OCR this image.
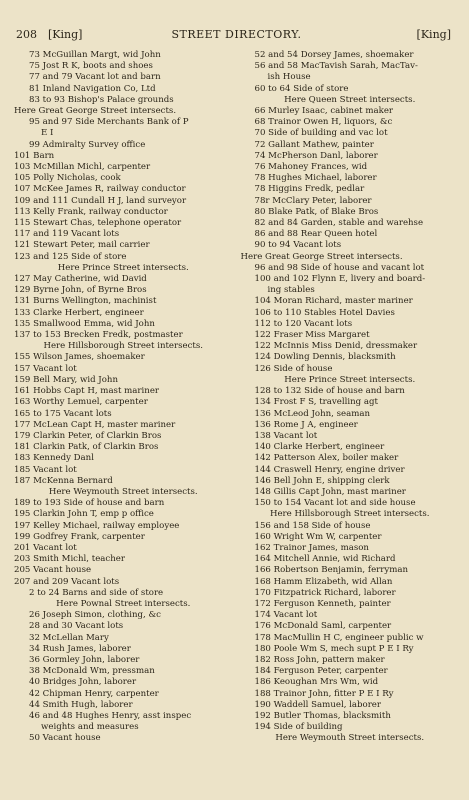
208 [King]	STREET DIRECTORY.	[King]
73 McGuillan Margt, wid John
75 Jost R K, boots and shoes
77 and 79 Vacant lot and barn
81 Inland Navigation Co, Ltd
83 to 93 Bishop's Palace grounds
Here Great George Street intersects.
95 and 97 Side Merchants Bank of P
E I
99 Admiralty Survey office
101 Barn
103 McMillan Michl, carpenter
105 Polly Nicholas, cook
107 McKee James R, railway conductor
109 and 111 Cundall H J, land surveyor
113 Kelly Frank, railway conductor
115 Stewart Chas, telephone operator
117 and 119 Vacant lots
121 Stewart Peter, mail carrier
123 and 125 Side of store
Here Prince Street intersects.
127 May Catherine, wid David
129 Byrne John, of Byrne Bros
131 Burns Wellington, machinist
133 Clarke Herbert, engineer
135 Smallwood Emma, wid John
137 to 153 Brecken Fredk, postmaster
Here Hillsborough Street intersects.
155 Wilson James, shoemaker
157 Vacant lot
159 Bell Mary, wid John
161 Hobbs Capt H, mast mariner
163 Worthy Lemuel, carpenter
165 to 175 Vacant lots
177 McLean Capt H, master mariner
179 Clarkin Peter, of Clarkin Bros
181 Clarkin Patk, of Clarkin Bros
183 Kennedy Danl
185 Vacant lot
187 McKenna Bernard
Here Weymouth Street intersects.
189 to 193 Side of house and barn
195 Clarkin John T, emp p office
197 Kelley Michael, railway employee
199 Godfrey Frank, carpenter
201 Vacant lot
203 Smith Michl, teacher
205 Vacant house
207 and 209 Vacant lots
2 to 24 Barns and side of store
Here Pownal Street intersects.
26 Joseph Simon, clothing, &c
28 and 30 Vacant lots
32 McLellan Mary
34 Rush James, laborer
36 Gormley John, laborer
38 McDonald Wm, pressman
40 Bridges John, laborer
42 Chipman Henry, carpenter
44 Smith Hugh, laborer
46 and 48 Hughes Henry, asst inspec
weights and measures
50 Vacant house
52 and 54 Dorsey James, shoemaker
56 and 58 MacTavish Sarah, MacTav-
ish House
60 to 64 Side of store
Here Queen Street intersects.
66 Murley Isaac, cabinet maker
68 Trainor Owen H, liquors, &c
70 Side of building and vac lot
72 Gallant Mathew, painter
74 McPherson Danl, laborer
76 Mahoney Frances, wid
78 Hughes Michael, laborer
78 Higgins Fredk, pedlar
78r McClary Peter, laborer
80 Blake Patk, of Blake Bros
82 and 84 Garden, stable and warehse
86 and 88 Rear Queen hotel
90 to 94 Vacant lots
Here Great George Street intersects.
96 and 98 Side of house and vacant lot
100 and 102 Flynn E, livery and board-
ing stables
104 Moran Richard, master mariner
106 to 110 Stables Hotel Davies
112 to 120 Vacant lots
122 Fraser Miss Margaret
122 McInnis Miss Denid, dressmaker
124 Dowling Dennis, blacksmith
126 Side of house
Here Prince Street intersects.
128 to 132 Side of house and barn
134 Frost F S, travelling agt
136 McLeod John, seaman
136 Rome J A, engineer
138 Vacant lot
140 Clarke Herbert, engineer
142 Patterson Alex, boiler maker
144 Craswell Henry, engine driver
146 Bell John E, shipping clerk
148 Gillis Capt John, mast mariner
150 to 154 Vacant lot and side house
Here Hillsborough Street intersects.
156 and 158 Side of house
160 Wright Wm W, carpenter
162 Trainor James, mason
164 Mitchell Annie, wid Richard
166 Robertson Benjamin, ferryman
168 Hamm Elizabeth, wid Allan
170 Fitzpatrick Richard, laborer
172 Ferguson Kenneth, painter
174 Vacant lot
176 McDonald Saml, carpenter
178 MacMullin H C, engineer public w
180 Poole Wm S, mech supt P E I Ry
182 Ross John, pattern maker
184 Ferguson Peter, carpenter
186 Keoughan Mrs Wm, wid
188 Trainor John, fitter P E I Ry
190 Waddell Samuel, laborer
192 Butler Thomas, blacksmith
194 Side of building
Here Weymouth Street intersects.
